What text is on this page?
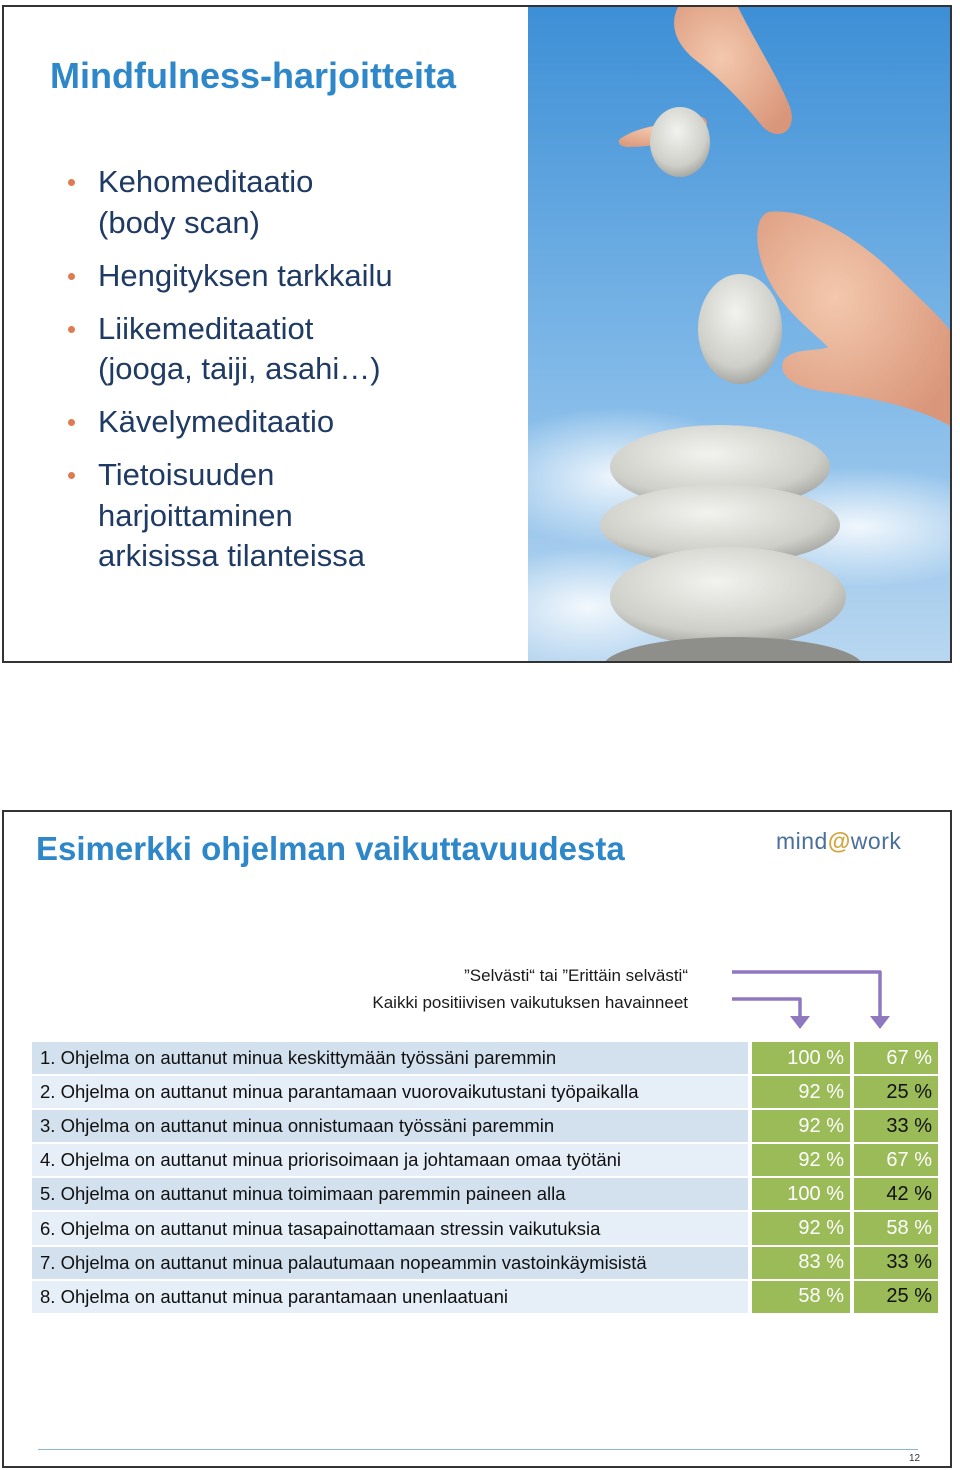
Mindfulness-harjoitteita
Kehomeditaatio
(body scan)
Hengityksen tarkkailu
Liikemeditaatiot
(jooga, taiji, asahi…)
Kävelymeditaatio
Tietoisuuden
harjoittaminen
arkisissa tilanteissa
Esimerkki ohjelman vaikuttavuudesta	mind@work
”Selvästi“ tai ”Erittäin selvästi“
Kaikki positiivisen vaikutuksen havainneet
1. Ohjelma on auttanut minua keskittymään työssäni paremmin	100 %	67 %
2. Ohjelma on auttanut minua parantamaan vuorovaikutustani työpaikalla	92 %	25 %
3. Ohjelma on auttanut minua onnistumaan työssäni paremmin	92 %	33 %
4. Ohjelma on auttanut minua priorisoimaan ja johtamaan omaa työtäni	92 %	67 %
5. Ohjelma on auttanut minua toimimaan paremmin paineen alla	100 %	42 %
6. Ohjelma on auttanut minua tasapainottamaan stressin vaikutuksia	92 %	58 %
7. Ohjelma on auttanut minua palautumaan nopeammin vastoinkäymisistä	83 %	33 %
8. Ohjelma on auttanut minua parantamaan unenlaatuani	58 %	25 %
12
